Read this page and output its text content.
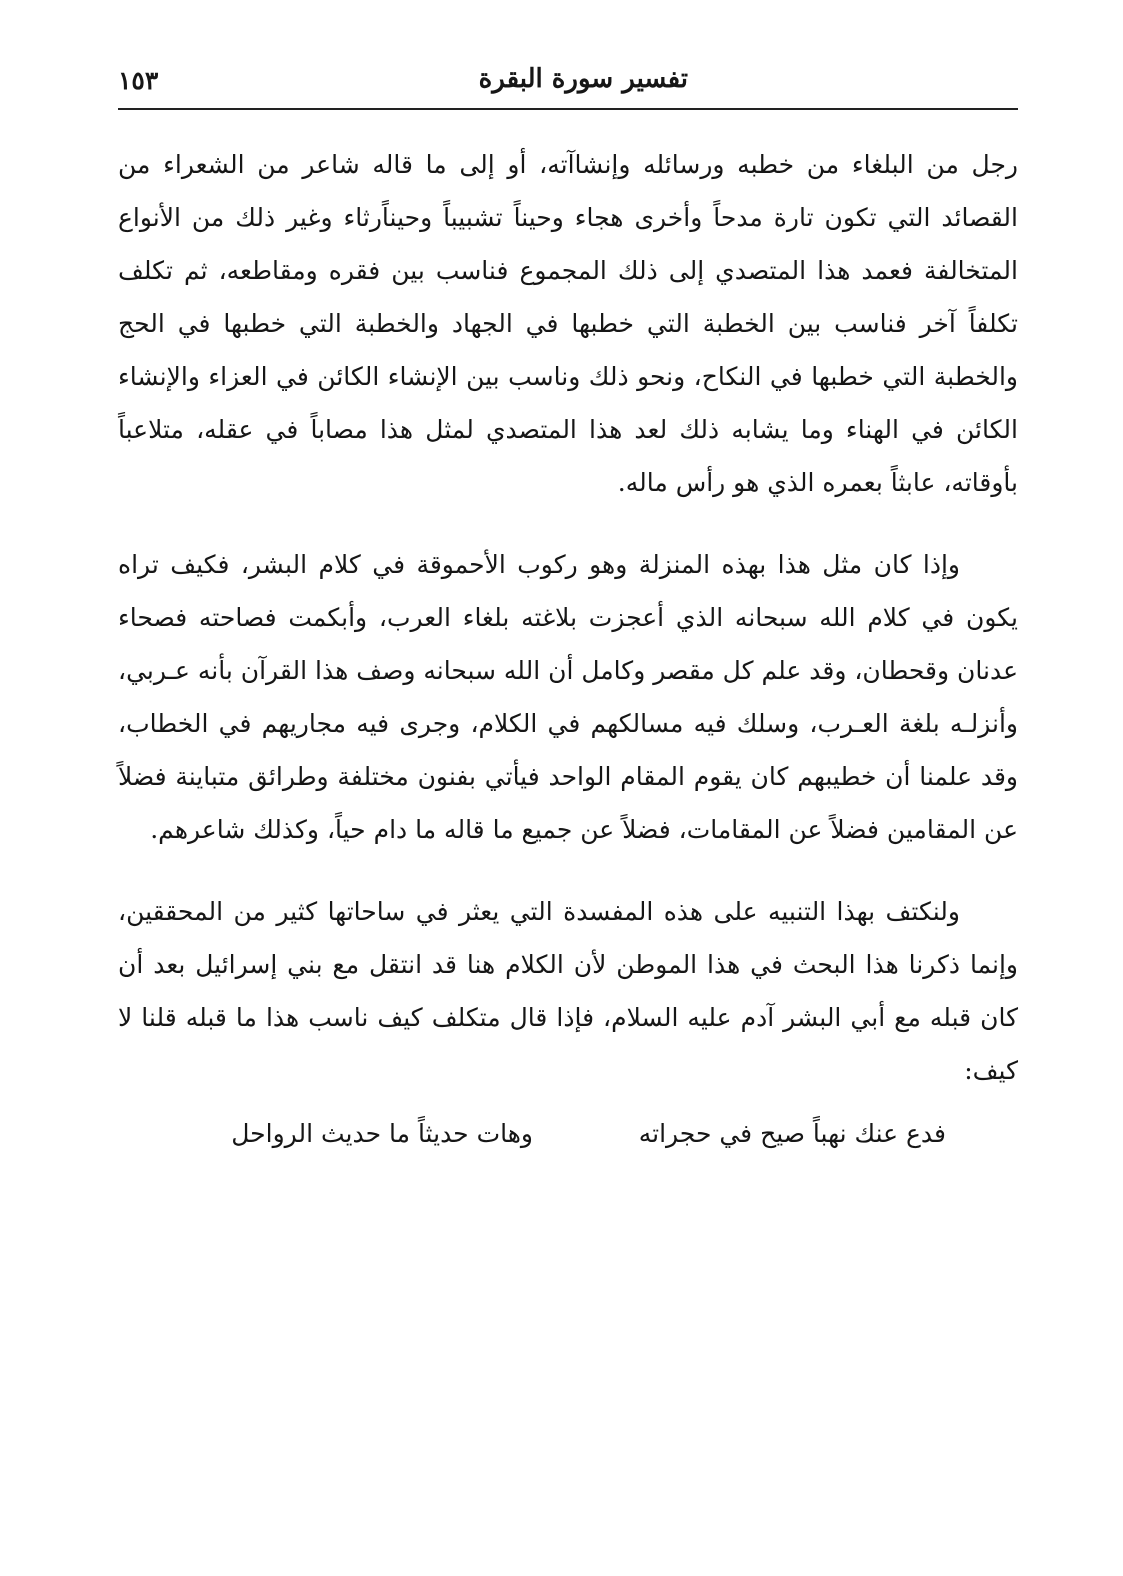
تفسير سورة البقرة
١٥٣

رجل من البلغاء من خطبه ورسائله وإنشاآته، أو إلى ما قاله شاعر من الشعراء من القصائد التي تكون تارة مدحاً وأخرى هجاء وحيناً تشبيباً وحيناًرثاء وغير ذلك من الأنواع المتخالفة فعمد هذا المتصدي إلى ذلك المجموع فناسب بين فقره ومقاطعه، ثم تكلف تكلفاً آخر فناسب بين الخطبة التي خطبها في الجهاد والخطبة التي خطبها في الحج والخطبة التي خطبها في النكاح، ونحو ذلك وناسب بين الإنشاء الكائن في العزاء والإنشاء الكائن في الهناء وما يشابه ذلك لعد هذا المتصدي لمثل هذا مصاباً في عقله، متلاعباً بأوقاته، عابثاً بعمره الذي هو رأس ماله.

وإذا كان مثل هذا بهذه المنزلة وهو ركوب الأحموقة في كلام البشر، فكيف تراه يكون في كلام الله سبحانه الذي أعجزت بلاغته بلغاء العرب، وأبكمت فصاحته فصحاء عدنان وقحطان، وقد علم كل مقصر وكامل أن الله سبحانه وصف هذا القرآن بأنه عـربي، وأنزلـه بلغة العـرب، وسلك فيه مسالكهم في الكلام، وجرى فيه مجاريهم في الخطاب، وقد علمنا أن خطيبهم كان يقوم المقام الواحد فيأتي بفنون مختلفة وطرائق متباينة فضلاً عن المقامين فضلاً عن المقامات، فضلاً عن جميع ما قاله ما دام حياً، وكذلك شاعرهم.

ولنكتف بهذا التنبيه على هذه المفسدة التي يعثر في ساحاتها كثير من المحققين، وإنما ذكرنا هذا البحث في هذا الموطن لأن الكلام هنا قد انتقل مع بني إسرائيل بعد أن كان قبله مع أبي البشر آدم عليه السلام، فإذا قال متكلف كيف ناسب هذا ما قبله قلنا لا كيف:

فدع عنك نهباً صيح في حجراته
وهات حديثاً ما حديث الرواحل
